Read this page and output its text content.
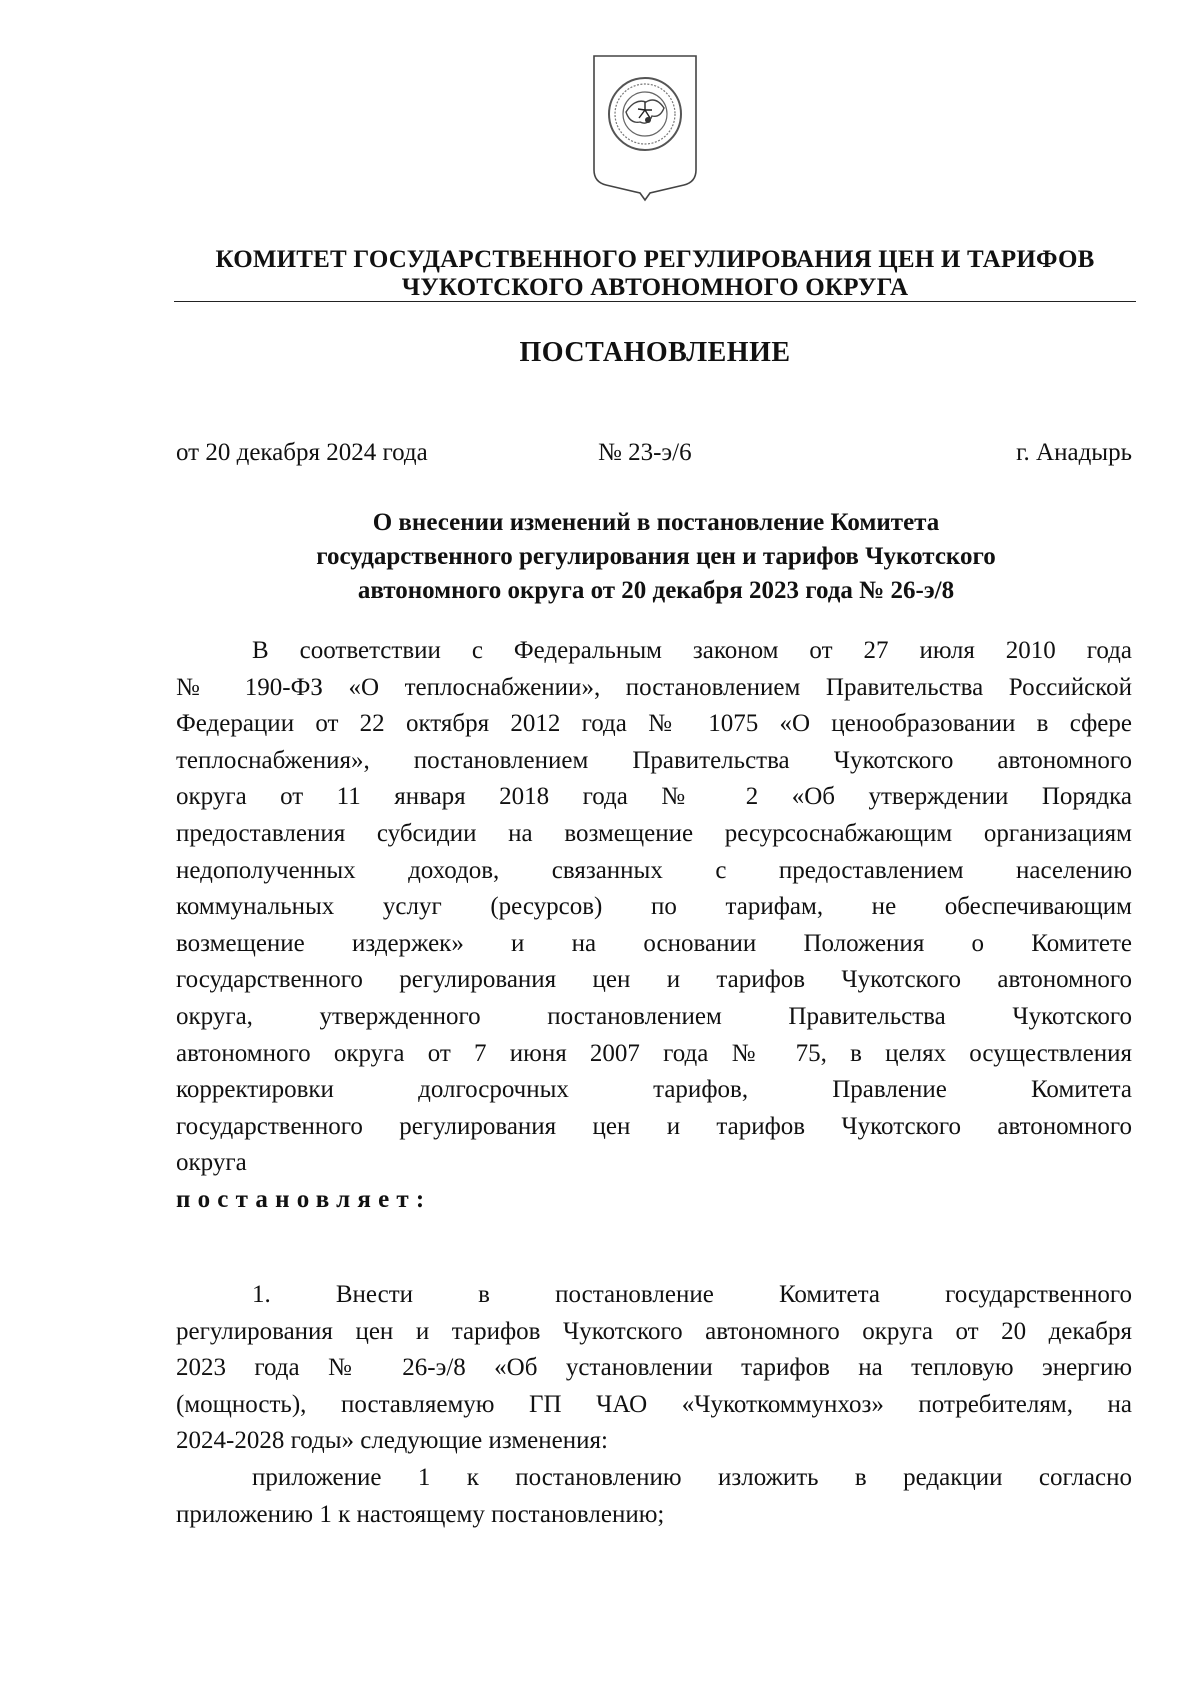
КОМИТЕТ ГОСУДАРСТВЕННОГО РЕГУЛИРОВАНИЯ ЦЕН И ТАРИФОВ
ЧУКОТСКОГО АВТОНОМНОГО ОКРУГА
ПОСТАНОВЛЕНИЕ
от 20 декабря 2024 года	№ 23-э/6	г. Анадырь
О внесении изменений в постановление Комитета
государственного регулирования цен и тарифов Чукотского
автономного округа от 20 декабря 2023 года № 26-э/8
В соответствии с Федеральным законом от 27 июля 2010 года
№ 190-ФЗ «О теплоснабжении», постановлением Правительства Российской
Федерации от 22 октября 2012 года № 1075 «О ценообразовании в сфере
теплоснабжения», постановлением Правительства Чукотского автономного
округа от 11 января 2018 года № 2 «Об утверждении Порядка
предоставления субсидии на возмещение ресурсоснабжающим организациям
недополученных доходов, связанных с предоставлением населению
коммунальных услуг (ресурсов) по тарифам, не обеспечивающим
возмещение издержек» и на основании Положения о Комитете
государственного регулирования цен и тарифов Чукотского автономного
округа, утвержденного постановлением Правительства Чукотского
автономного округа от 7 июня 2007 года № 75, в целях осуществления
корректировки долгосрочных тарифов, Правление Комитета
государственного регулирования цен и тарифов Чукотского автономного
округа
постановляет:
1. Внести в постановление Комитета государственного
регулирования цен и тарифов Чукотского автономного округа от 20 декабря
2023 года № 26-э/8 «Об установлении тарифов на тепловую энергию
(мощность), поставляемую ГП ЧАО «Чукоткоммунхоз» потребителям, на
2024-2028 годы» следующие изменения:
приложение 1 к постановлению изложить в редакции согласно
приложению 1 к настоящему постановлению;
